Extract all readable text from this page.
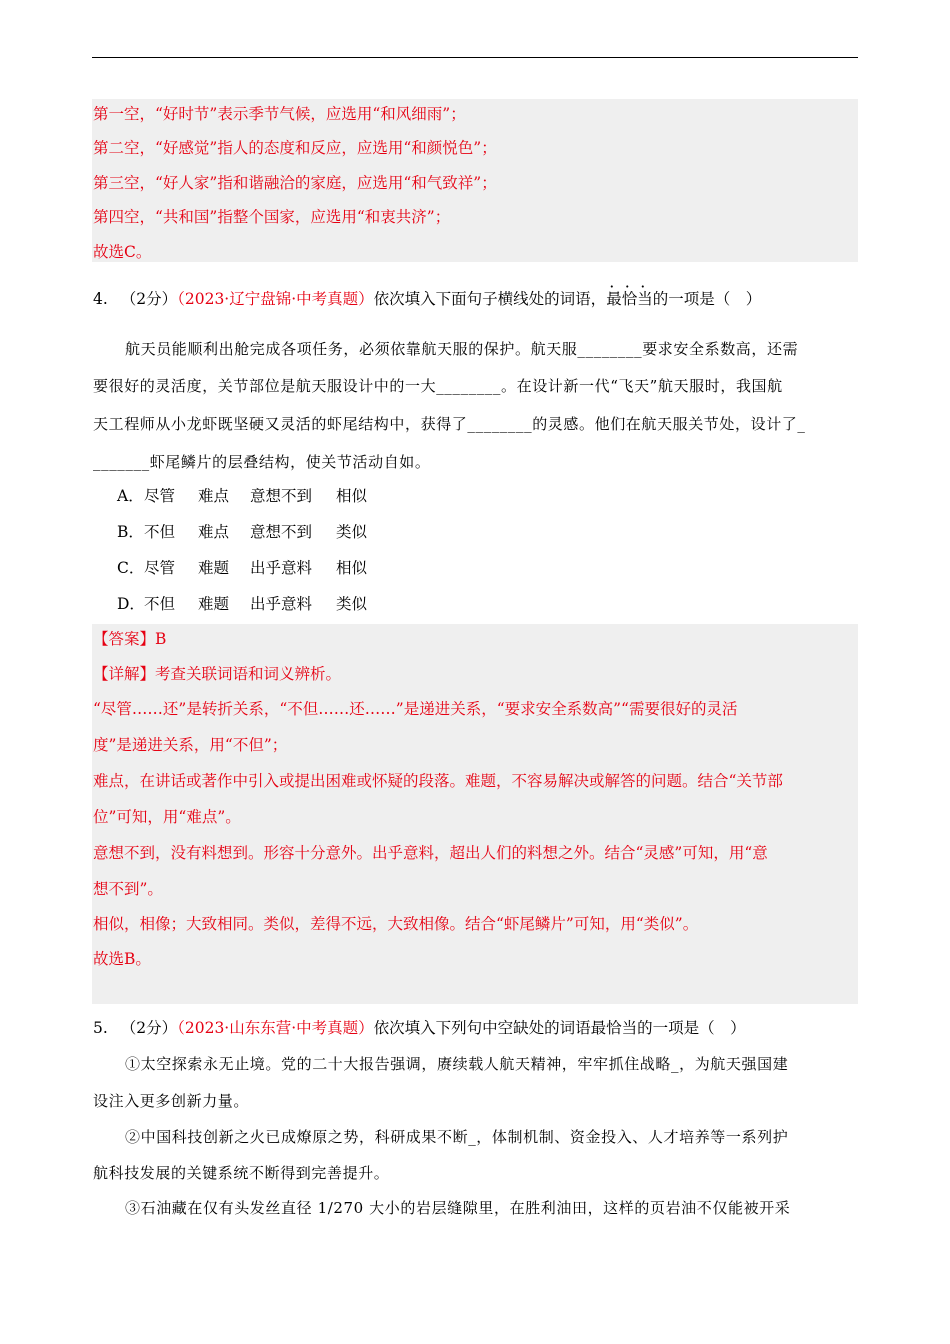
第一空，“好时节”表示季节气候，应选用“和风细雨”；
第二空，“好感觉”指人的态度和反应，应选用“和颜悦色”；
第三空，“好人家”指和谐融洽的家庭，应选用“和气致祥”；
第四空，“共和国”指整个国家，应选用“和衷共济”；
故选C。
4. （2分）（2023·辽宁盘锦·中考真题）依次填入下面句子横线处的词语，最恰当的一项是（　）
航天员能顺利出舱完成各项任务，必须依靠航天服的保护。航天服________要求安全系数高，还需
要很好的灵活度，关节部位是航天服设计中的一大________。在设计新一代“飞天”航天服时，我国航
天工程师从小龙虾既坚硬又灵活的虾尾结构中，获得了________的灵感。他们在航天服关节处，设计了_
_______虾尾鳞片的层叠结构，使关节活动自如。
A．尽管 难点 意想不到 相似
B．不但 难点 意想不到 类似
C．尽管 难题 出乎意料 相似
D．不但 难题 出乎意料 类似
【答案】B
【详解】考查关联词语和词义辨析。
“尽管……还”是转折关系，“不但……还……”是递进关系，“要求安全系数高”“需要很好的灵活
度”是递进关系，用“不但”；
难点，在讲话或著作中引入或提出困难或怀疑的段落。难题，不容易解决或解答的问题。结合“关节部
位”可知，用“难点”。
意想不到，没有料想到。形容十分意外。出乎意料，超出人们的料想之外。结合“灵感”可知，用“意
想不到”。
相似，相像；大致相同。类似，差得不远，大致相像。结合“虾尾鳞片”可知，用“类似”。
故选B。
5. （2分）（2023·山东东营·中考真题）依次填入下列句中空缺处的词语最恰当的一项是（　）
①太空探索永无止境。党的二十大报告强调，赓续载人航天精神，牢牢抓住战略_，为航天强国建
设注入更多创新力量。
②中国科技创新之火已成燎原之势，科研成果不断_，体制机制、资金投入、人才培养等一系列护
航科技发展的关键系统不断得到完善提升。
③石油藏在仅有头发丝直径 1/270 大小的岩层缝隙里，在胜利油田，这样的页岩油不仅能被开采
